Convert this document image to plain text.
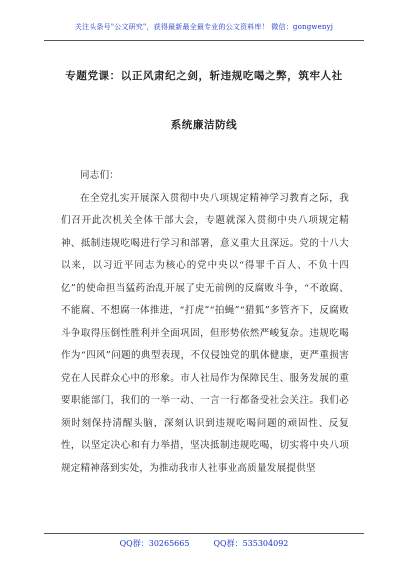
关注头条号"公文研究"，获得最新最全最专业的公文资料库！ 微信：gongwenyj
专题党课：以正风肃纪之剑，斩违规吃喝之弊，筑牢人社
系统廉洁防线

同志们：

在全党扎实开展深入贯彻中央八项规定精神学习教育之际，我们召开此次机关全体干部大会，专题就深入贯彻中央八项规定精神、抵制违规吃喝进行学习和部署，意义重大且深远。党的十八大以来，以习近平同志为核心的党中央以“得罪千百人、不负十四亿”的使命担当猛药治乱开展了史无前例的反腐败斗争，“不敢腐、不能腐、不想腐一体推进，“打虎”“拍蝇”“猎狐”多管齐下，反腐败斗争取得压倒性胜利并全面巩固，但形势依然严峻复杂。违规吃喝作为“四风”问题的典型表现，不仅侵蚀党的肌体健康，更严重损害党在人民群众心中的形象。市人社局作为保障民生、服务发展的重要职能部门，我们的一举一动、一言一行都备受社会关注。我们必须时刻保持清醒头脑，深刻认识到违规吃喝问题的顽固性、反复性，以坚定决心和有力举措，坚决抵制违规吃喝，切实将中央八项规定精神落到实处，为推动我市人社事业高质量发展提供坚

QQ群：30265665	QQ群：535304092
